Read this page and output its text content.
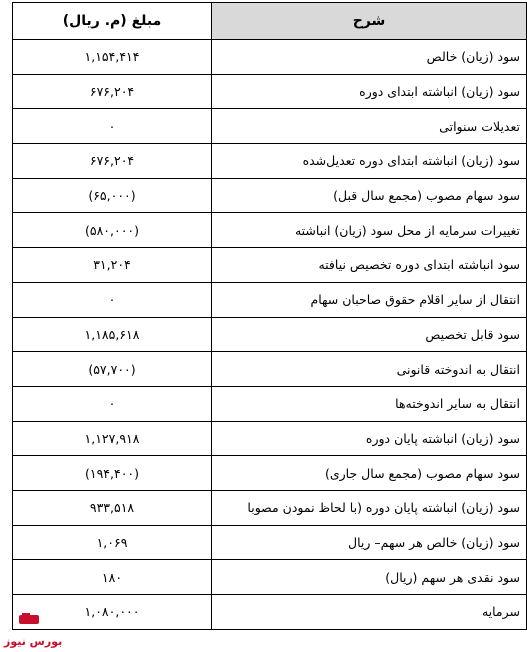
مبلغ (م. ریال)	شرح
۱,۱۵۴,۴۱۴	سود (زیان) خالص
۶۷۶,۲۰۴	سود (زیان) انباشته ابتدای دوره
۰	تعدیلات سنواتی
۶۷۶,۲۰۴	سود (زیان) انباشته ابتدای دوره تعدیل‌شده
(۶۵,۰۰۰)	سود سهام مصوب (مجمع سال قبل)
(۵۸۰,۰۰۰)	تغییرات سرمایه از محل سود (زیان) انباشته
۳۱,۲۰۴	سود انباشته ابتدای دوره تخصیص نیافته
۰	انتقال از سایر اقلام حقوق صاحبان سهام
۱,۱۸۵,۶۱۸	سود قابل تخصیص
(۵۷,۷۰۰)	انتقال به اندوخته قانونی
۰	انتقال به سایر اندوخته‌ها
۱,۱۲۷,۹۱۸	سود (زیان) انباشته پایان دوره
(۱۹۴,۴۰۰)	سود سهام مصوب (مجمع سال جاری)
۹۳۳,۵۱۸	سود (زیان) انباشته پایان دوره (با لحاظ نمودن مصوبا
۱,۰۶۹	سود (زیان) خالص هر سهم– ریال
۱۸۰	سود نقدی هر سهم (ریال)
۱,۰۸۰,۰۰۰	سرمایه
بورس نیوز
